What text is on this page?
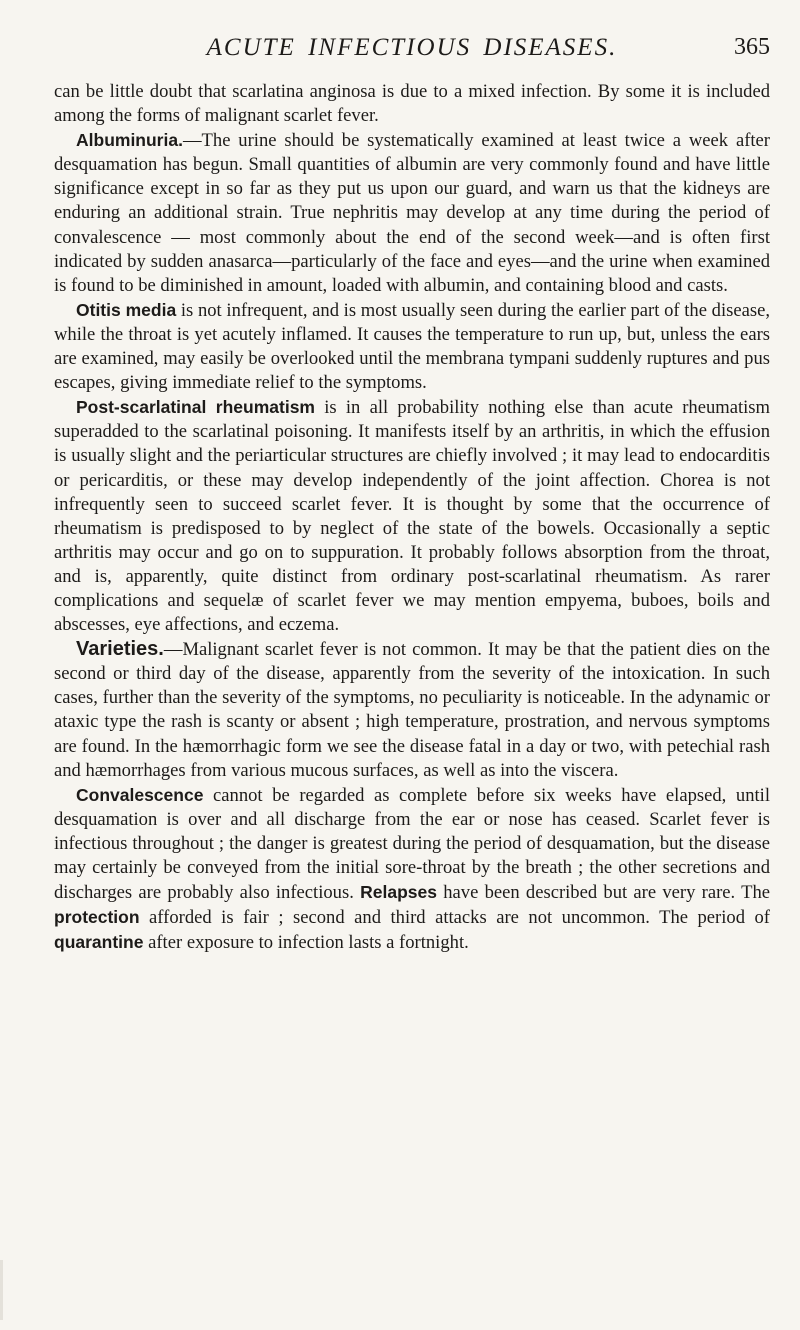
ACUTE INFECTIOUS DISEASES.	365

can be little doubt that scarlatina anginosa is due to a mixed infection. By some it is included among the forms of malignant scarlet fever.

Albuminuria.—The urine should be systematically examined at least twice a week after desquamation has begun. Small quantities of albumin are very commonly found and have little significance except in so far as they put us upon our guard, and warn us that the kidneys are enduring an additional strain. True nephritis may develop at any time during the period of convalescence — most commonly about the end of the second week—and is often first indicated by sudden anasarca—particularly of the face and eyes—and the urine when examined is found to be diminished in amount, loaded with albumin, and containing blood and casts.

Otitis media is not infrequent, and is most usually seen during the earlier part of the disease, while the throat is yet acutely inflamed. It causes the temperature to run up, but, unless the ears are examined, may easily be overlooked until the membrana tympani suddenly ruptures and pus escapes, giving immediate relief to the symptoms.

Post-scarlatinal rheumatism is in all probability nothing else than acute rheumatism superadded to the scarlatinal poisoning. It manifests itself by an arthritis, in which the effusion is usually slight and the periarticular structures are chiefly involved ; it may lead to endocarditis or pericarditis, or these may develop independently of the joint affection. Chorea is not infrequently seen to succeed scarlet fever. It is thought by some that the occurrence of rheumatism is predisposed to by neglect of the state of the bowels. Occasionally a septic arthritis may occur and go on to suppuration. It probably follows absorption from the throat, and is, apparently, quite distinct from ordinary post-scarlatinal rheumatism. As rarer complications and sequelæ of scarlet fever we may mention empyema, buboes, boils and abscesses, eye affections, and eczema.

Varieties.—Malignant scarlet fever is not common. It may be that the patient dies on the second or third day of the disease, apparently from the severity of the intoxication. In such cases, further than the severity of the symptoms, no peculiarity is noticeable. In the adynamic or ataxic type the rash is scanty or absent ; high temperature, prostration, and nervous symptoms are found. In the hæmorrhagic form we see the disease fatal in a day or two, with petechial rash and hæmorrhages from various mucous surfaces, as well as into the viscera.

Convalescence cannot be regarded as complete before six weeks have elapsed, until desquamation is over and all discharge from the ear or nose has ceased. Scarlet fever is infectious throughout ; the danger is greatest during the period of desquamation, but the disease may certainly be conveyed from the initial sore-throat by the breath ; the other secretions and discharges are probably also infectious. Relapses have been described but are very rare. The protection afforded is fair ; second and third attacks are not uncommon. The period of quarantine after exposure to infection lasts a fortnight.
